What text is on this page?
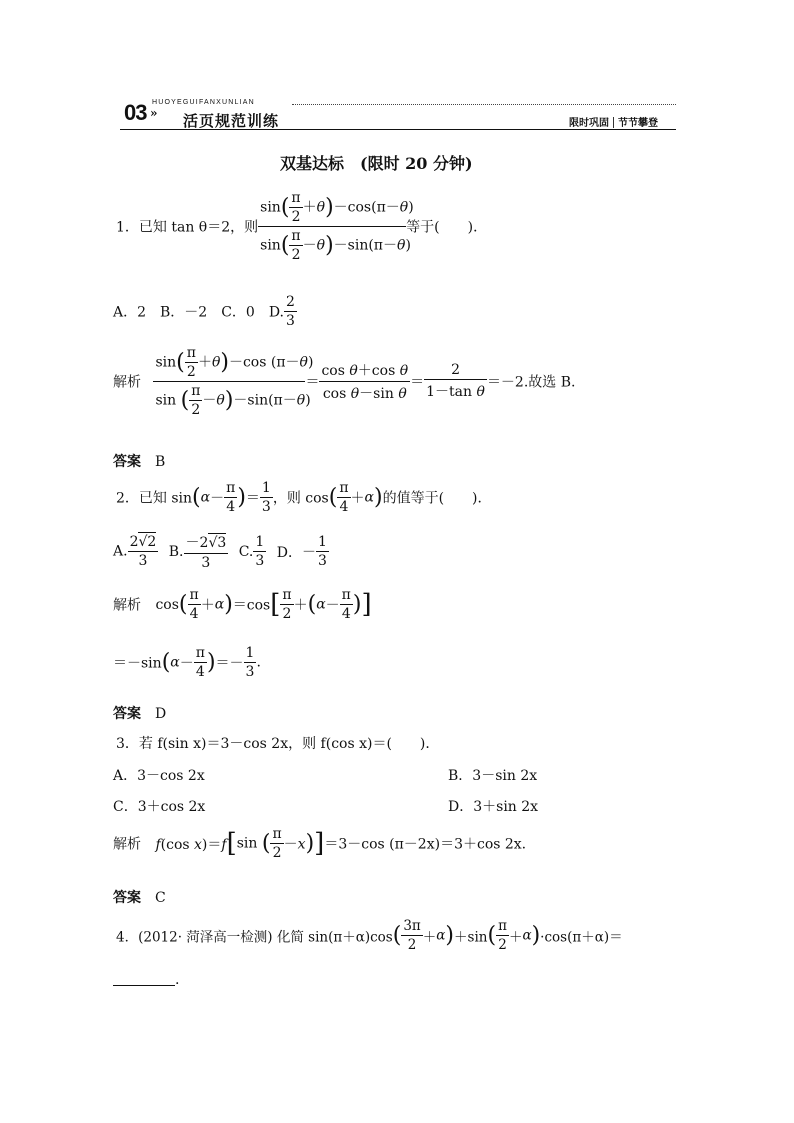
HUOYEGUIFANXUNLIAN
03 » 活页规范训练	限时巩固 节节攀登
双基达标　(限时 20 分钟)
1．已知 tan θ＝2，则 $\frac{\sin( \frac{\pi}{2} +\theta)-\cos(\pi-\theta)}{\sin( \frac{\pi}{2} -\theta)-\sin(\pi-\theta)}$ 等于(　　)．
A．2　B．－2　C．0　D. $\frac{2}{3}$
解析 $\frac{\sin( \frac{\pi}{2} +\theta)-\cos (\pi-\theta)}{\sin ( \frac{\pi}{2} -\theta)-\sin(\pi-\theta)} = \frac{\text{cos θ＋cos θ}}{\text{cos θ－sin θ}} = \frac{2}{\text{1－tan θ}} =-2$.故选 B.
答案　 B
2．已知 $\sin(\alpha- \frac{\pi}{4}$ )＝ $\frac{1}{3}$ ，则 $\cos( \frac{\pi}{4} +\alpha)$的值等于(　　)．
A. $\frac{2√2}{3} B$. $\frac{-2√3}{3} C$. $\frac{1}{3}$ D．－ $\frac{1}{3}$
解析 $\cos( \frac{\pi}{4} +\alpha)=\cos[ \frac{\pi}{2} +(\alpha- \frac{\pi}{4}$ )]
$=-\sin(\alpha- \frac{\pi}{4}$ )＝－ $\frac{1}{3}$ .
答案　 D
3．若 f(sin x)＝3－cos 2x，则 f(cos x)＝(　　)．
A．3－cos 2x	B．3－sin 2x
C．3＋cos 2x	D．3＋sin 2x
解析 f(cos x)＝f[sin ( $\frac{\pi}{2} -x)]=3-\cos$ (π－2x)＝3＋cos 2x.
答案　 C
4．(2012· 菏泽高一检测) 化简 $\sin(\pi+\alpha)\cos( \frac{3\pi}{2} +\alpha)+\sin( \frac{\pi}{2} +\alpha)\cdot\cos(\pi+\alpha)=$
.
